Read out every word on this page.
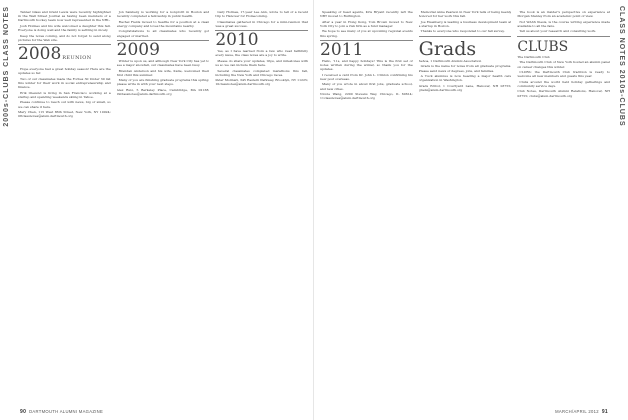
2000s-CLUBS CLASS NOTES	Tanner Glass and Grant Lewis were recently highlighted in the Wall Street Journal as having been members of a Dartmouth hockey team now well represented in the NHL.

Josh Holmes and his wife welcomed a daughter this fall. Everyone is doing well and the family is settling in nicely.

Keep the notes coming, and do not forget to send along pictures for the Web site.

2008REUNION

Hope everyone had a great holiday season! Here are the updates so far.

Two of our classmates made the Forbes 30 Under 30 list this winter for their work in social entrepreneurship and finance.

Erik Olesund is living in San Francisco working at a startup and spending weekends skiing in Tahoe.

Please continue to reach out with news, big or small, so we can share it here.

Mary Chen, 115 West 86th Street, New York, NY 10024; 08classnotes@alum.dartmouth.org

Jon Salsberg is working for a nonprofit in Boston and recently completed a fellowship in public health.

Rachel Fields moved to Seattle for a position at a clean energy company and loves the mountains nearby.

Congratulations to all classmates who recently got engaged or married.

2009

Winter is upon us, and although New York City has yet to see a major snowfall, our classmates have been busy.

Brendan Anderson and his wife, Katie, welcomed their first child this summer.

Many of you are finishing graduate programs this spring; please write in with your next steps.

Alex Ruiz, 5 Berkeley Place, Cambridge, MA 02138; 09classnotes@alum.dartmouth.org

Gary Holmes, 17-year Lee Ann, wrote to tell of a recent trip to Hanover for Homecoming.

Classmates gathered in Chicago for a mini-reunion that was a great success.

2010

Yes, as I have learned from a few who read faithfully every issue, the class notes are a joy to write.

Please do share your updates, trips, and milestones with us so we can include them here.

Several classmates completed marathons this fall, including the New York and Chicago races.

Peter Molinari, 345 Eastern Parkway, Brooklyn, NY 11225; 10classnotes@alum.dartmouth.org
90 DARTMOUTH ALUMNI MAGAZINE
CLASS NOTES 2010s-CLUBS

Speaking of head agents, Kris Bryant recently left the NBT moved to Burlington.

After a year in Hong Kong, Tom Brown moved to New York City to join a risk firm as a fund manager.

We hope to see many of you at upcoming regional events this spring.

2011

Hello, '11s, and happy holidays! This is the first set of notes written during the winter, so thank you for the updates.

I received a card from Dr. John L. Clinton confirming his new post overseas.

Many of you wrote in about first jobs, graduate school, and new cities.

Nicole Wang, 2200 Stevens Way, Chicago, IL 60614; 11classnotes@alum.dartmouth.org

Memorial Anne Pearson in New York tells of being keenly honored for her work this fall.

Joe Eisenberg is leading a business development team at a startup in Boston.

Thanks to everyone who responded to our fall survey.

Grads
Sehoa, 1 Dartmouth Alumni Association

Grads is the name for notes from all graduate programs. Please send news of degrees, jobs, and families.

A Tuck alumnus is now heading a major health care organization in Washington.

Grads Editor, 1 Courtyard Lane, Hanover, NH 03755; grads@alum.dartmouth.org

The book is an insider's perspective on experience at Morgan Stanley from an academic point of view.

Not WASS thesis, is the course writing experience made available to all the fans.

Tell us about your research and consulting work.

CLUBS
The Dartmouth Club

The Dartmouth Club of New York hosted an alumni panel on career changes this winter.

CLUBS: the Dartmouth Club tradition is ready to welcome all new members and guests this year.

Clubs around the world held holiday gatherings and community service days.

Club Notes, Dartmouth Alumni Relations, Hanover, NH 03755; clubs@alum.dartmouth.org
MARCH/APRIL 2012 91
